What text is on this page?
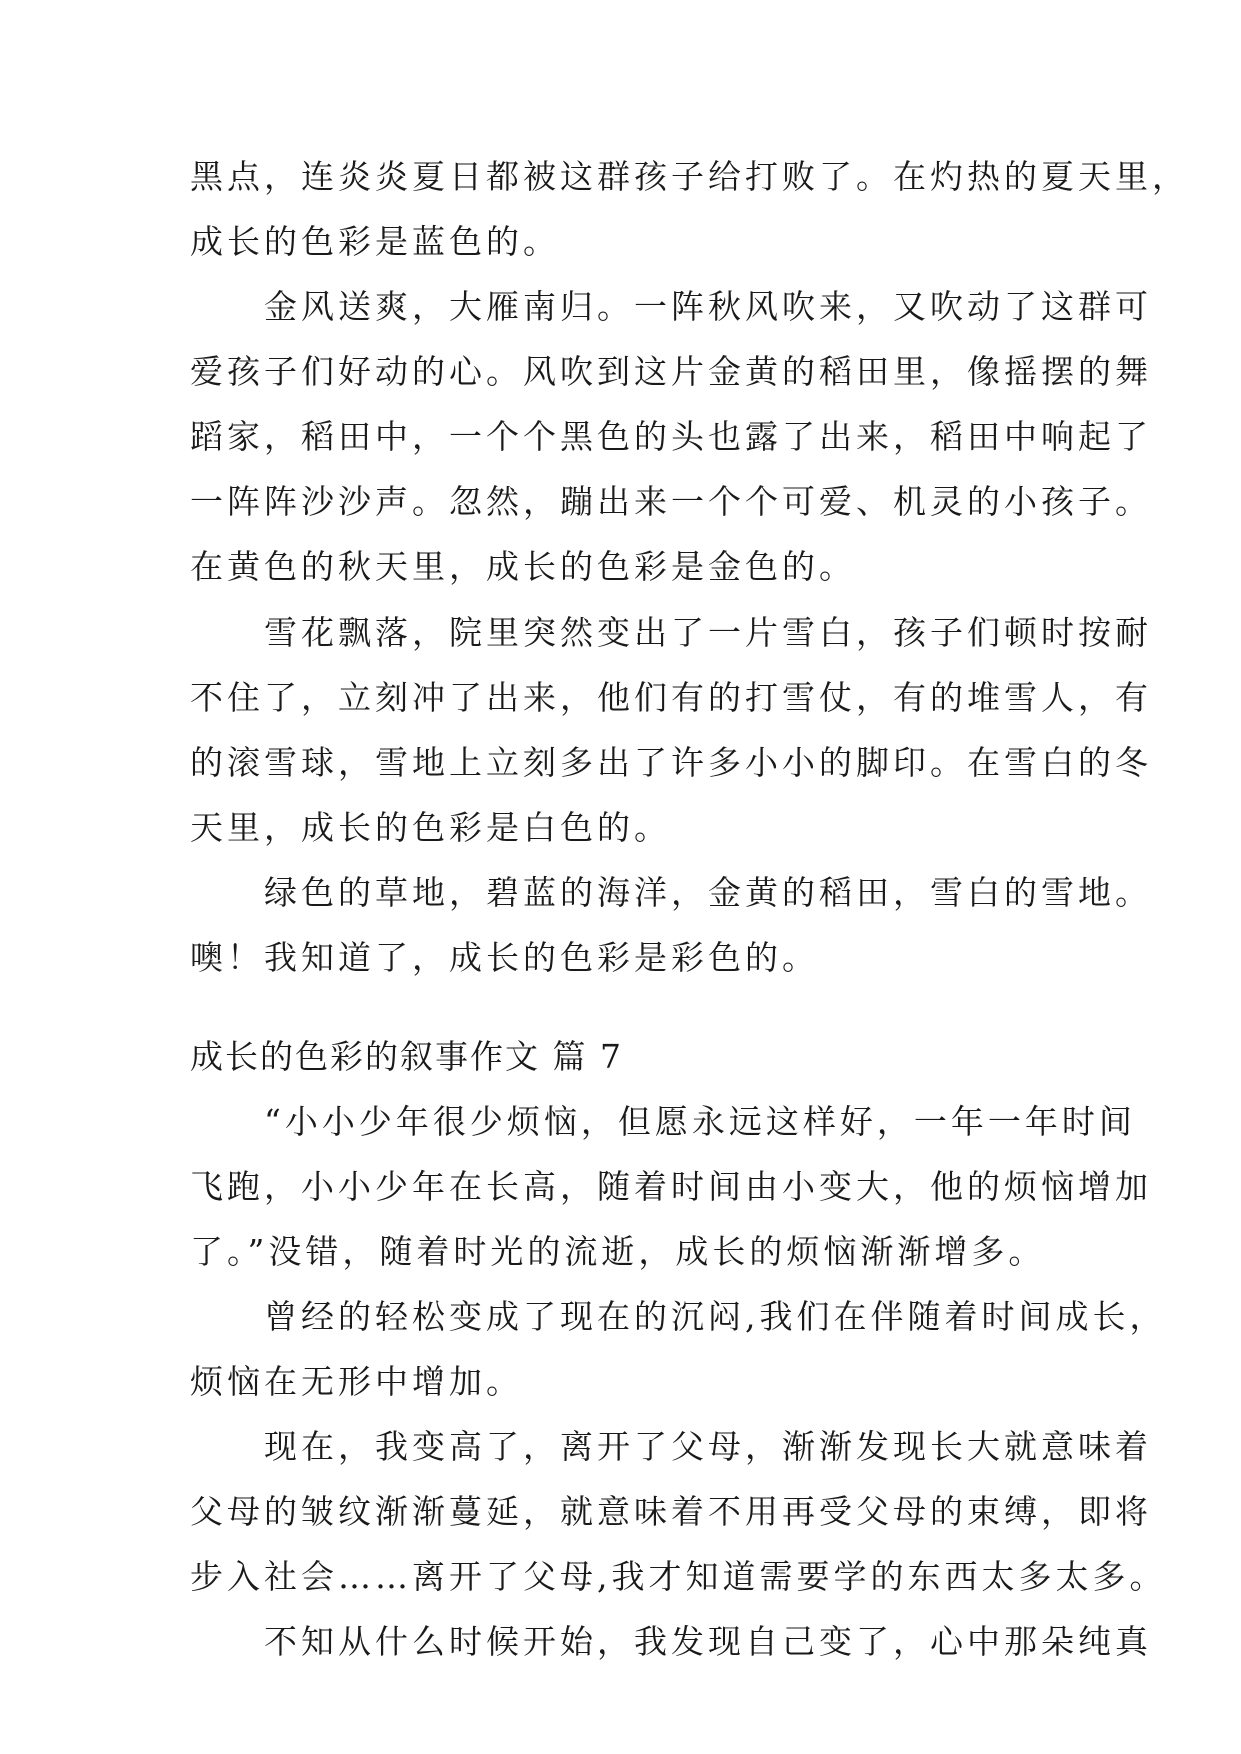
黑点，连炎炎夏日都被这群孩子给打败了。在灼热的夏天里，
成长的色彩是蓝色的。
　　金风送爽，大雁南归。一阵秋风吹来，又吹动了这群可
爱孩子们好动的心。风吹到这片金黄的稻田里，像摇摆的舞
蹈家，稻田中，一个个黑色的头也露了出来，稻田中响起了
一阵阵沙沙声。忽然，蹦出来一个个可爱、机灵的小孩子。
在黄色的秋天里，成长的色彩是金色的。
　　雪花飘落，院里突然变出了一片雪白，孩子们顿时按耐
不住了，立刻冲了出来，他们有的打雪仗，有的堆雪人，有
的滚雪球，雪地上立刻多出了许多小小的脚印。在雪白的冬
天里，成长的色彩是白色的。
　　绿色的草地，碧蓝的海洋，金黄的稻田，雪白的雪地。
噢！我知道了，成长的色彩是彩色的。
成长的色彩的叙事作文 篇 7
　　“小小少年很少烦恼，但愿永远这样好，一年一年时间
飞跑，小小少年在长高，随着时间由小变大，他的烦恼增加
了。”没错，随着时光的流逝，成长的烦恼渐渐增多。
　　曾经的轻松变成了现在的沉闷,我们在伴随着时间成长，
烦恼在无形中增加。
　　现在，我变高了，离开了父母，渐渐发现长大就意味着
父母的皱纹渐渐蔓延，就意味着不用再受父母的束缚，即将
步入社会……离开了父母,我才知道需要学的东西太多太多。
　　不知从什么时候开始，我发现自己变了，心中那朵纯真
